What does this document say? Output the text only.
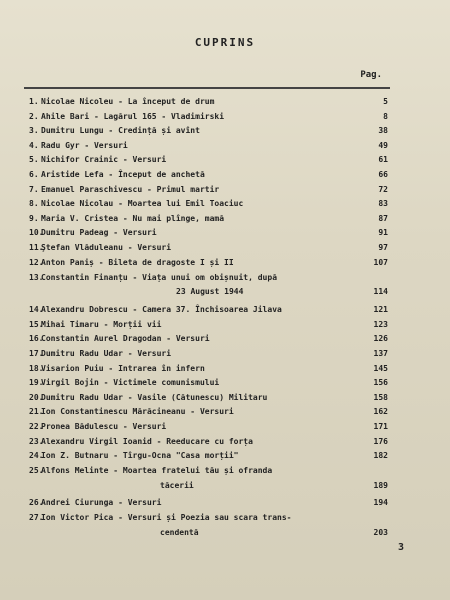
CUPRINS
Pag.
1. Nicolae Nicoleu - La început de drum	5
2. Ahile Bari - Lagărul 165 - Vladimirski	8
3. Dumitru Lungu - Credință și avînt	38
4. Radu Gyr - Versuri	49
5. Nichifor Crainic - Versuri	61
6. Aristide Lefa - Început de anchetă	66
7. Emanuel Paraschivescu - Primul martir	72
8. Nicolae Nicolau - Moartea lui Emil Toaciuc	83
9. Maria V. Cristea - Nu mai plînge, mamă	87
10.Dumitru Padeag - Versuri	91
11.Ştefan Vlăduleanu - Versuri	97
12.Anton Paniș - Bileta de dragoste I și II	107
13.Constantin Finanțu - Viața unui om obișnuit, după
23 August 1944	114
14.Alexandru Dobrescu - Camera 37. Închisoarea Jilava	121
15.Mihai Timaru - Morții vii	123
16.Constantin Aurel Dragodan - Versuri	126
17.Dumitru Radu Udar - Versuri	137
18.Visarion Puiu - Intrarea în infern	145
19.Virgil Bojin - Victimele comunismului	156
20.Dumitru Radu Udar - Vasile (Cătunescu) Militaru	158
21.Ion Constantinescu Mărăcineanu - Versuri	162
22.Pronea Bădulescu - Versuri	171
23.Alexandru Virgil Ioanid - Reeducare cu forța	176
24.Ion Z. Butnaru - Tîrgu-Ocna "Casa morții"	182
25.Alfons Melinte - Moartea fratelui tău și ofranda
tăcerii	189
26.Andrei Ciurunga - Versuri	194
27.Ion Victor Pica - Versuri și Poezia sau scara trans-
cendentă	203
3
